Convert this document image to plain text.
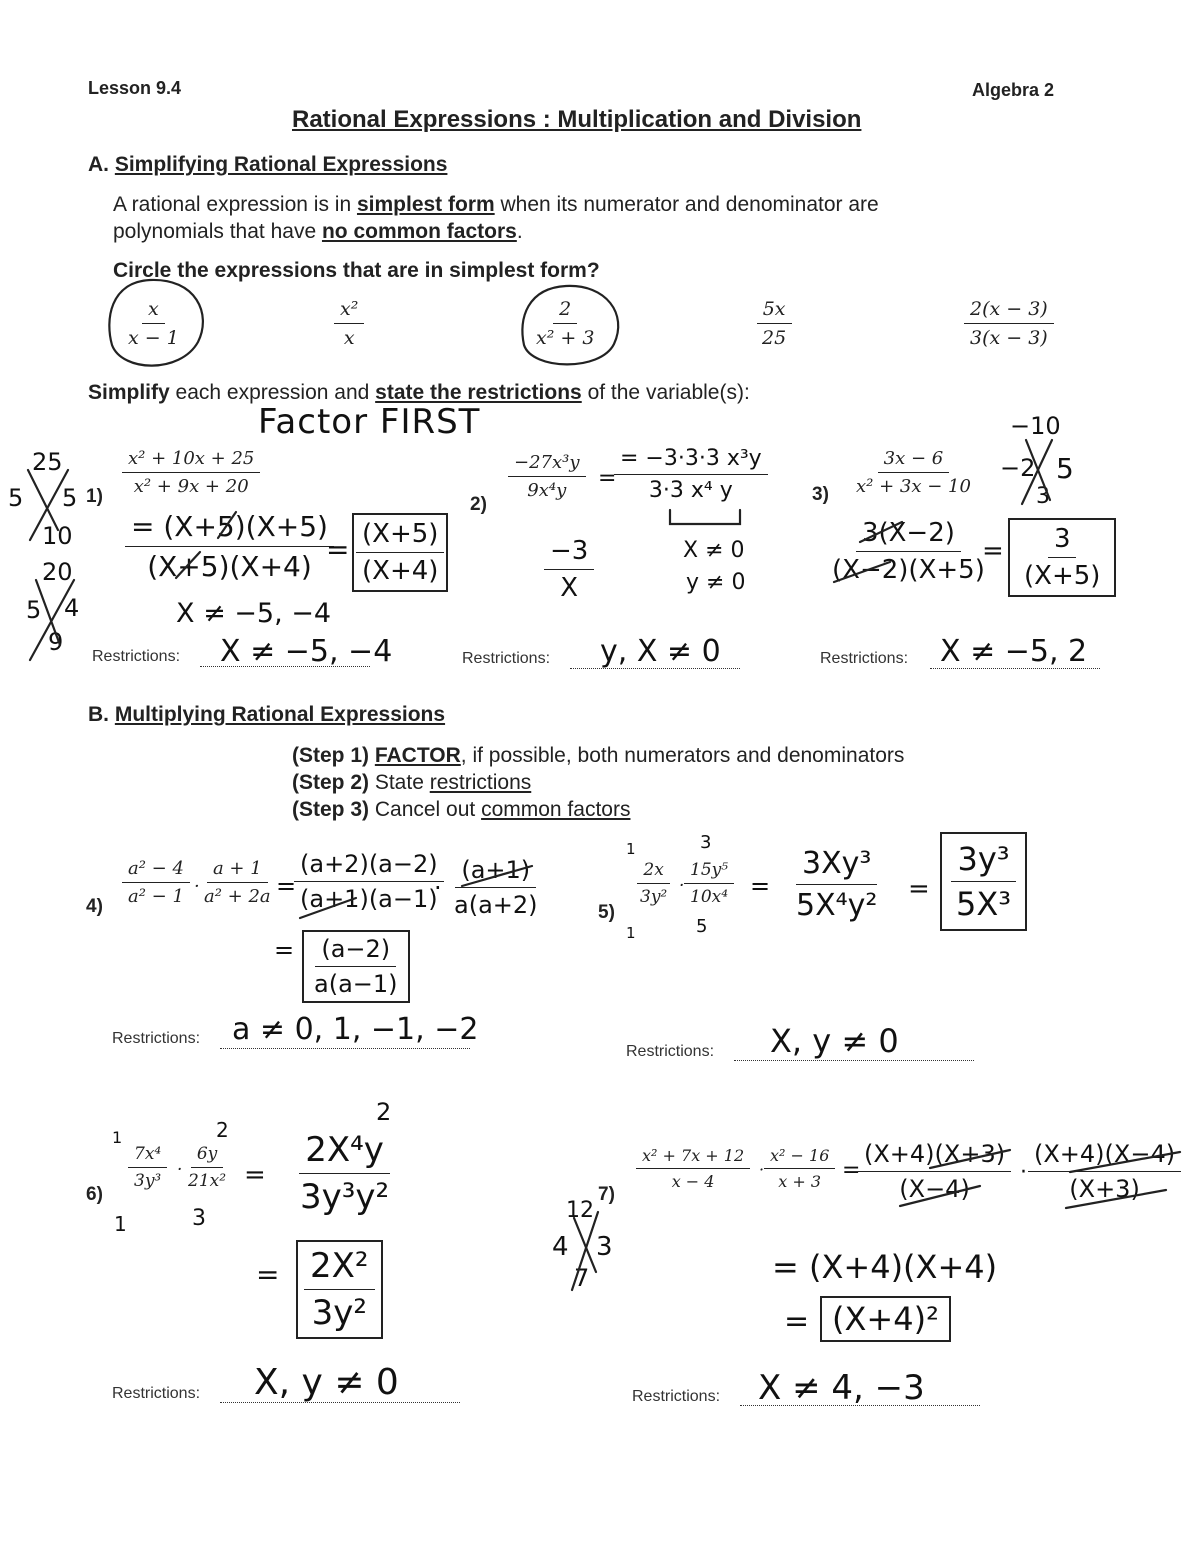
Lesson 9.4	Algebra 2
Rational Expressions : Multiplication and Division
A. Simplifying Rational Expressions
A rational expression is in simplest form when its numerator and denominator are
polynomials that have no common factors.
Circle the expressions that are in simplest form?
$\frac{x}{x - 1}$	$\frac{\text{x²}}{x}$	$\frac{2}{\text{x² + 3}}$	$\frac{5x}{25}$	$\frac{2(x - 3)}{3(x - 3)}$
Simplify each expression and state the restrictions of the variable(s):
Factor FIRST
$1) \frac{\text{x² + 10x + 25}}{\text{x² + 9x + 20}}$
$\frac{= (X+5)(X+5)}{(X+5)(X+4)}$
= $\frac{(X+5)}{(X+4)}$
X ≠ −5, −4
Restrictions: X ≠ −5, −4
25
5 5
10
20
5 4
9
2)
$\frac{\text{−27x³y}}{\text{9x⁴y}}$ =
$\frac{\text{= −3·3·3 x³y}}{\text{3·3 x⁴ y}}$
$\frac{-3}{X}$	X ≠ 0
y ≠ 0
Restrictions: y, X ≠ 0
$3) \frac{3x - 6}{\text{x² + 3x − 10}}$
$\frac{3(X-2)}{(X-2)(X+5)}$
= $\frac{3}{(X+5)}$
Restrictions: X ≠ −5, 2
−10
−2 5
3
B. Multiplying Rational Expressions
(Step 1) FACTOR, if possible, both numerators and denominators
(Step 2) State restrictions
(Step 3) Cancel out common factors
$4) \frac{\text{a² − 4}}{\text{a² − 1}}$ ·
$\frac{a + 1}{\text{a² + 2a}}$ =
$\frac{(a+2)(a-2)}{(a+1)(a-1)}$
· $\frac{(a+1)}{a(a+2)}$
= $\frac{(a-2)}{a(a-1)}$
Restrictions: a ≠ 0, 1, −1, −2
5)
$\frac{2x}{\text{3y²}} \cdot \frac{\text{15y⁵}}{\text{10x⁴}}$
1	3
1	5
= $\frac{\text{3Xy³}}{\text{5X⁴y²}} = \frac{\text{3y³}}{\text{5X³}}$
Restrictions: X, y ≠ 0
6)
$\frac{\text{7x⁴}}{\text{3y³}} \cdot \frac{6y}{\text{21x²}}$
1	2
1	3
2
= $\frac{\text{2X⁴y}}{\text{3y³y²}}$
= $\frac{\text{2X²}}{\text{3y²}}$
Restrictions: X, y ≠ 0
7)
$\frac{\text{x² + 7x + 12}}{x - 4} \cdot \frac{\text{x² − 16}}{x + 3}$ =
$\frac{(X+4)(X+3)}{(X-4)} \cdot \frac{(X+4)(X-4)}{(X+3)}$
= (X+4)(X+4)
= (X+4)²
12
4 3
7
Restrictions: X ≠ 4, −3
